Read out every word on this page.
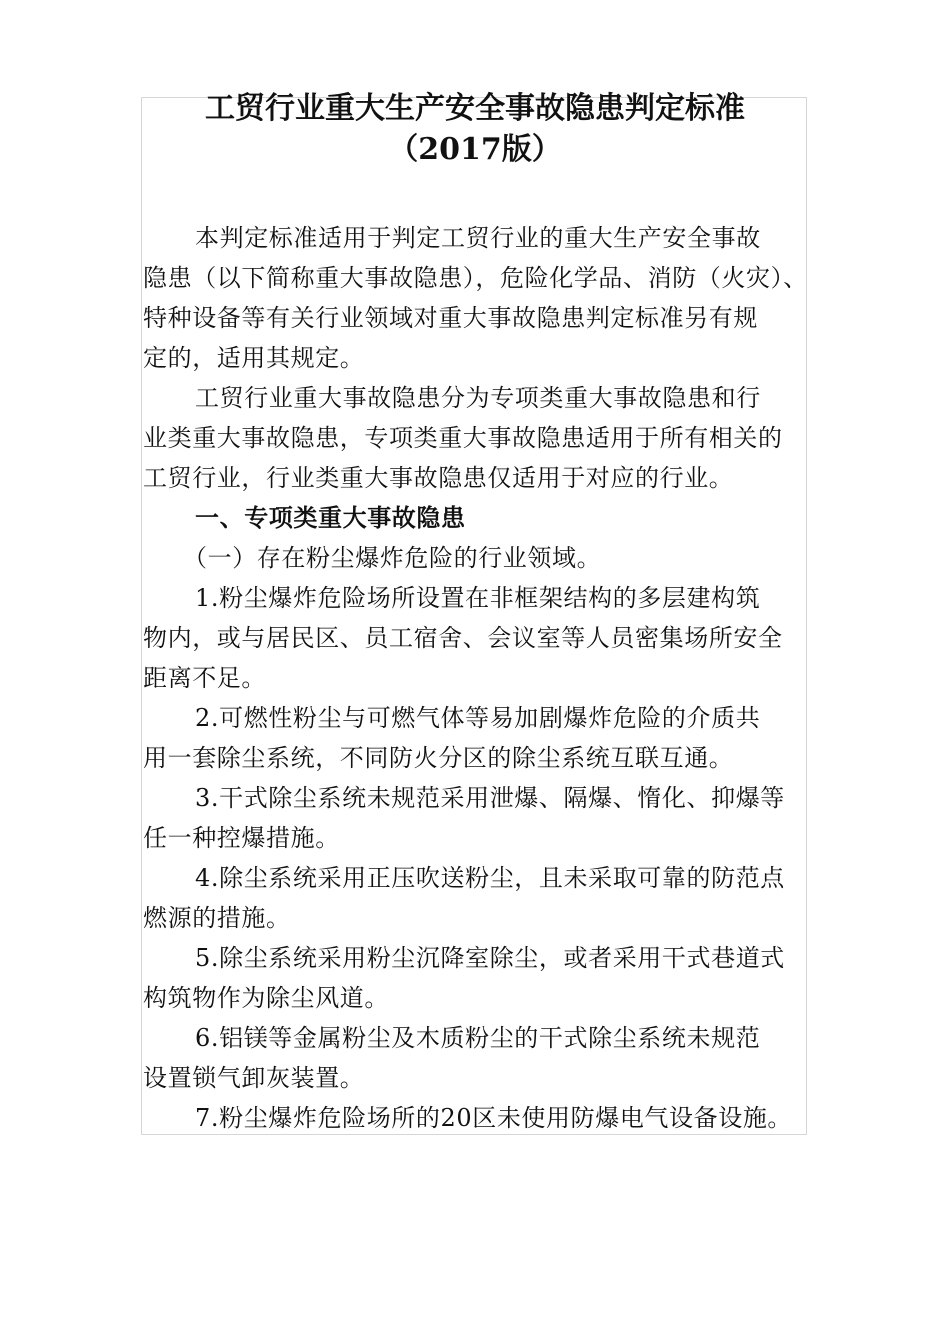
工贸行业重大生产安全事故隐患判定标准
（2017版）

本判定标准适用于判定工贸行业的重大生产安全事故
隐患（以下简称重大事故隐患），危险化学品、消防（火灾）、
特种设备等有关行业领域对重大事故隐患判定标准另有规
定的，适用其规定。

工贸行业重大事故隐患分为专项类重大事故隐患和行
业类重大事故隐患，专项类重大事故隐患适用于所有相关的
工贸行业，行业类重大事故隐患仅适用于对应的行业。

一、专项类重大事故隐患

（一）存在粉尘爆炸危险的行业领域。

1.粉尘爆炸危险场所设置在非框架结构的多层建构筑
物内，或与居民区、员工宿舍、会议室等人员密集场所安全
距离不足。

2.可燃性粉尘与可燃气体等易加剧爆炸危险的介质共
用一套除尘系统，不同防火分区的除尘系统互联互通。

3.干式除尘系统未规范采用泄爆、隔爆、惰化、抑爆等
任一种控爆措施。

4.除尘系统采用正压吹送粉尘，且未采取可靠的防范点
燃源的措施。

5.除尘系统采用粉尘沉降室除尘，或者采用干式巷道式
构筑物作为除尘风道。

6.铝镁等金属粉尘及木质粉尘的干式除尘系统未规范
设置锁气卸灰装置。

7.粉尘爆炸危险场所的20区未使用防爆电气设备设施。
